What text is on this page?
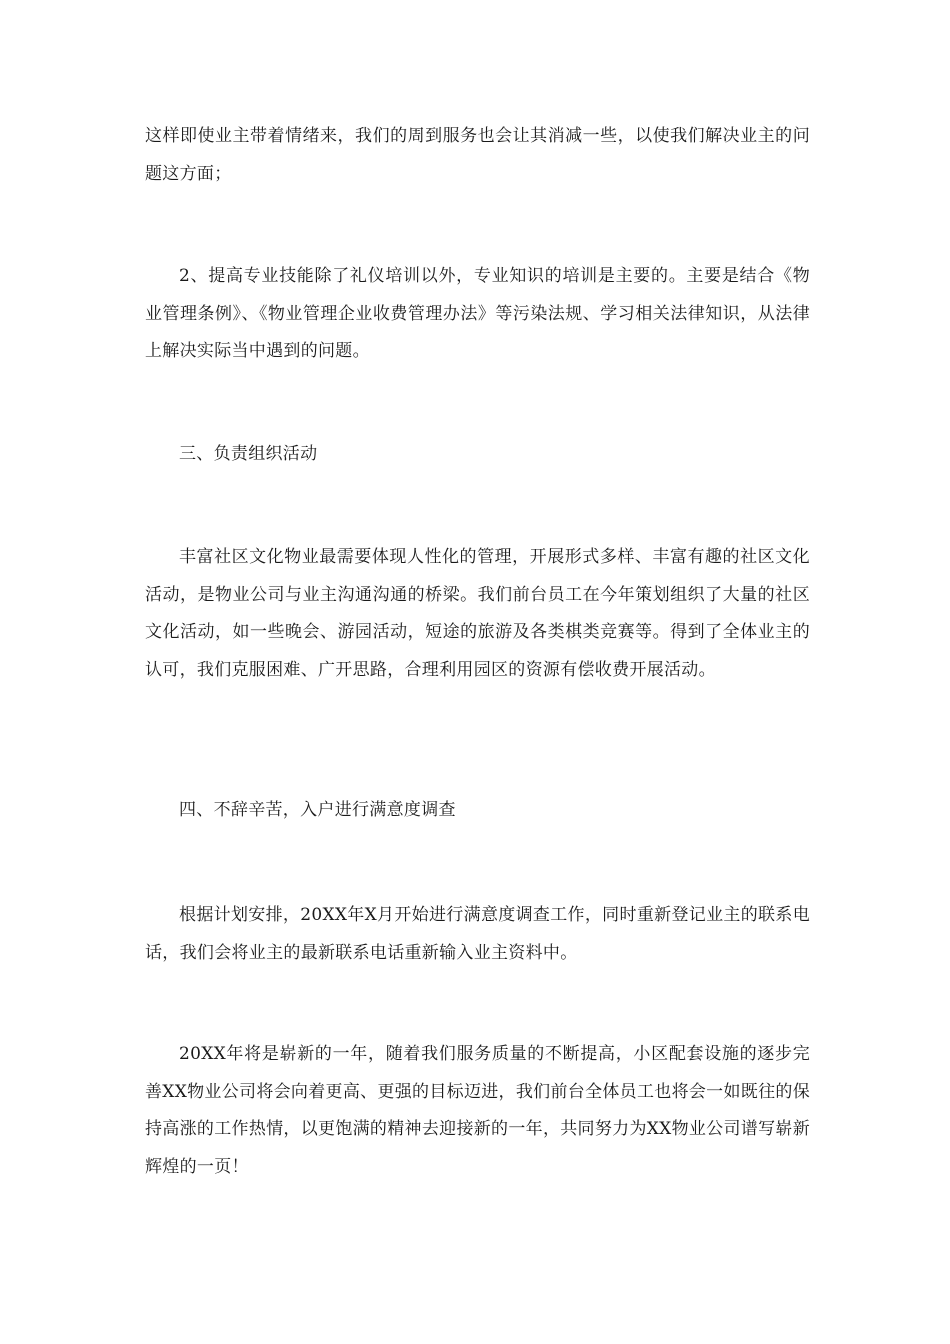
这样即使业主带着情绪来，我们的周到服务也会让其消减一些，以使我们解决业主的问题这方面；

2、提高专业技能除了礼仪培训以外，专业知识的培训是主要的。主要是结合《物业管理条例》、《物业管理企业收费管理办法》等污染法规、学习相关法律知识，从法律上解决实际当中遇到的问题。

三、负责组织活动

丰富社区文化物业最需要体现人性化的管理，开展形式多样、丰富有趣的社区文化活动，是物业公司与业主沟通沟通的桥梁。我们前台员工在今年策划组织了大量的社区文化活动，如一些晚会、游园活动，短途的旅游及各类棋类竞赛等。得到了全体业主的认可，我们克服困难、广开思路，合理利用园区的资源有偿收费开展活动。

四、不辞辛苦，入户进行满意度调查

根据计划安排，20XX年X月开始进行满意度调查工作，同时重新登记业主的联系电话，我们会将业主的最新联系电话重新输入业主资料中。

20XX年将是崭新的一年，随着我们服务质量的不断提高，小区配套设施的逐步完善XX物业公司将会向着更高、更强的目标迈进，我们前台全体员工也将会一如既往的保持高涨的工作热情，以更饱满的精神去迎接新的一年，共同努力为XX物业公司谱写崭新辉煌的一页！
